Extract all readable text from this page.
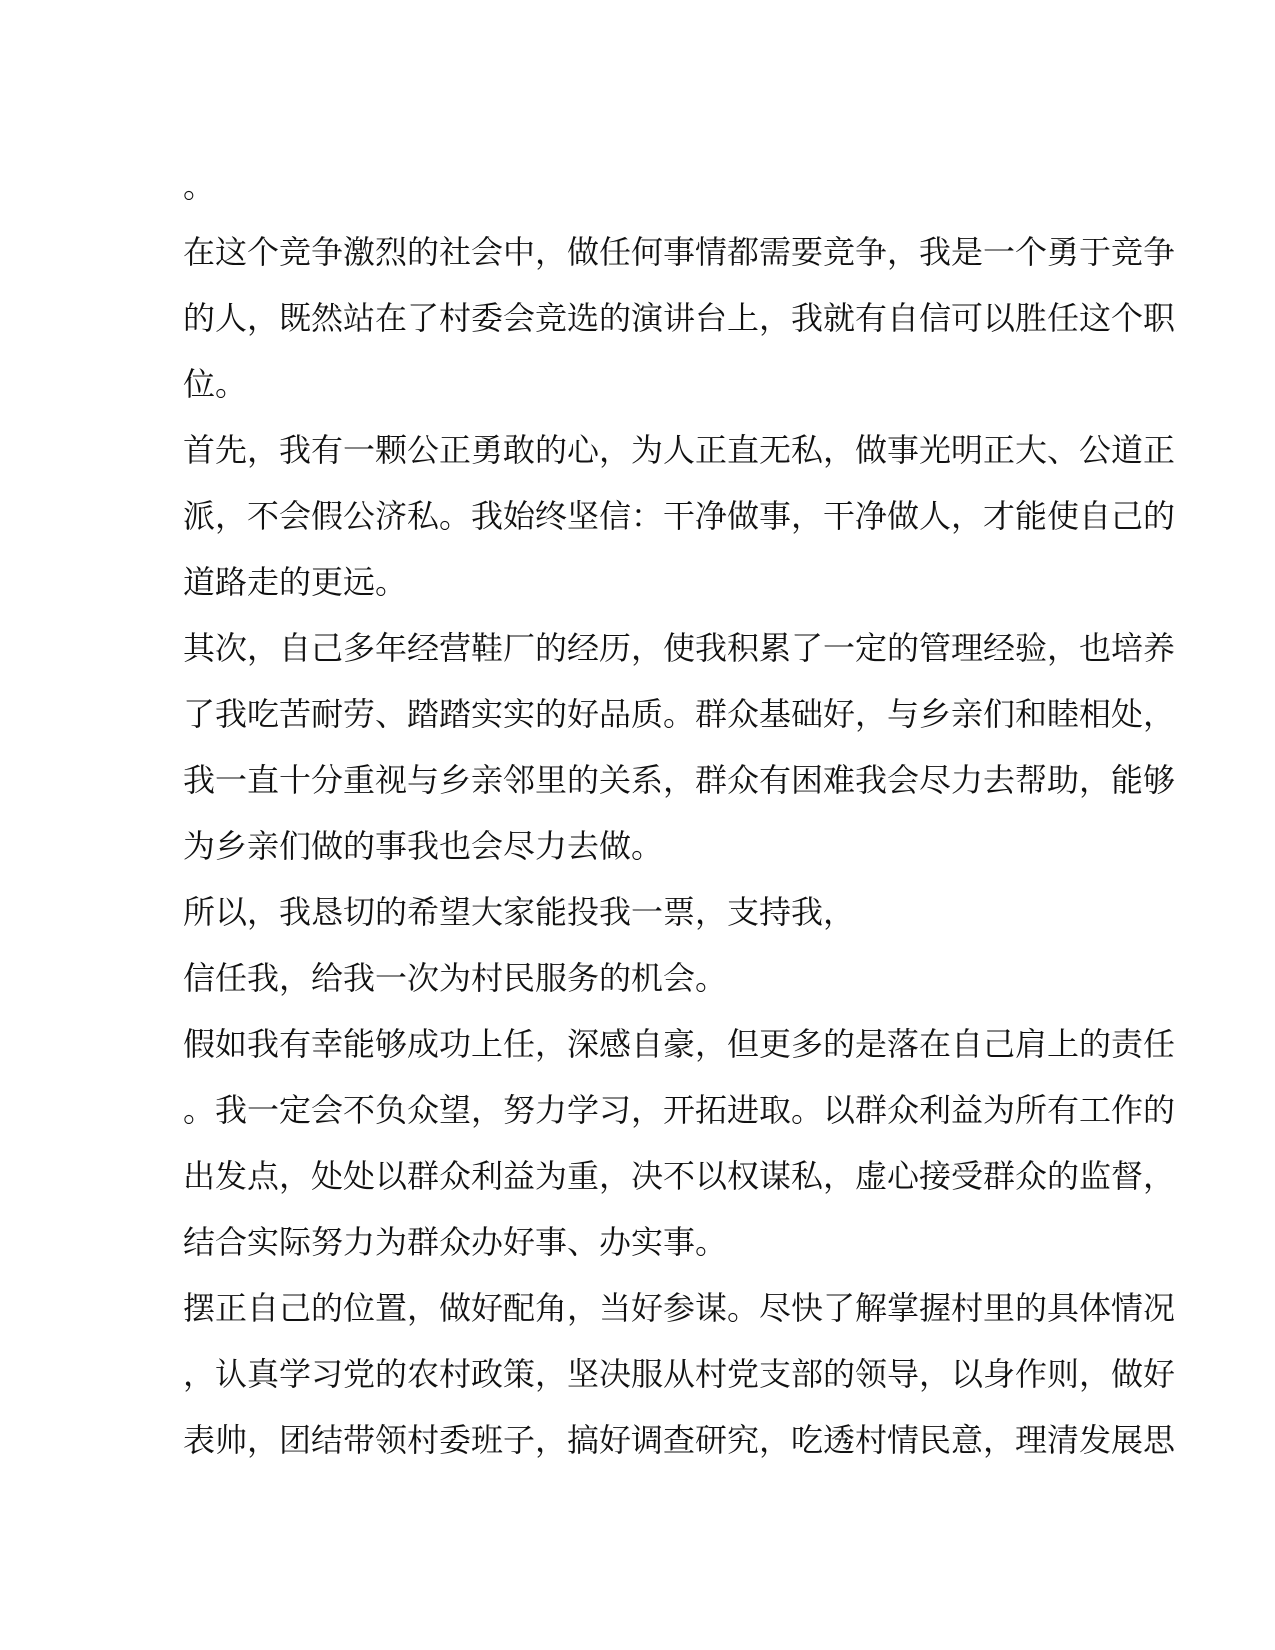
。
在这个竞争激烈的社会中，做任何事情都需要竞争，我是一个勇于竞争
的人，既然站在了村委会竞选的演讲台上，我就有自信可以胜任这个职
位。
首先，我有一颗公正勇敢的心，为人正直无私，做事光明正大、公道正
派，不会假公济私。我始终坚信：干净做事，干净做人，才能使自己的
道路走的更远。
其次，自己多年经营鞋厂的经历，使我积累了一定的管理经验，也培养
了我吃苦耐劳、踏踏实实的好品质。群众基础好，与乡亲们和睦相处，
我一直十分重视与乡亲邻里的关系，群众有困难我会尽力去帮助，能够
为乡亲们做的事我也会尽力去做。
所以，我恳切的希望大家能投我一票，支持我，
信任我，给我一次为村民服务的机会。
假如我有幸能够成功上任，深感自豪，但更多的是落在自己肩上的责任
。我一定会不负众望，努力学习，开拓进取。以群众利益为所有工作的
出发点，处处以群众利益为重，决不以权谋私，虚心接受群众的监督，
结合实际努力为群众办好事、办实事。
摆正自己的位置，做好配角，当好参谋。尽快了解掌握村里的具体情况
，认真学习党的农村政策，坚决服从村党支部的领导，以身作则，做好
表帅，团结带领村委班子，搞好调查研究，吃透村情民意，理清发展思
